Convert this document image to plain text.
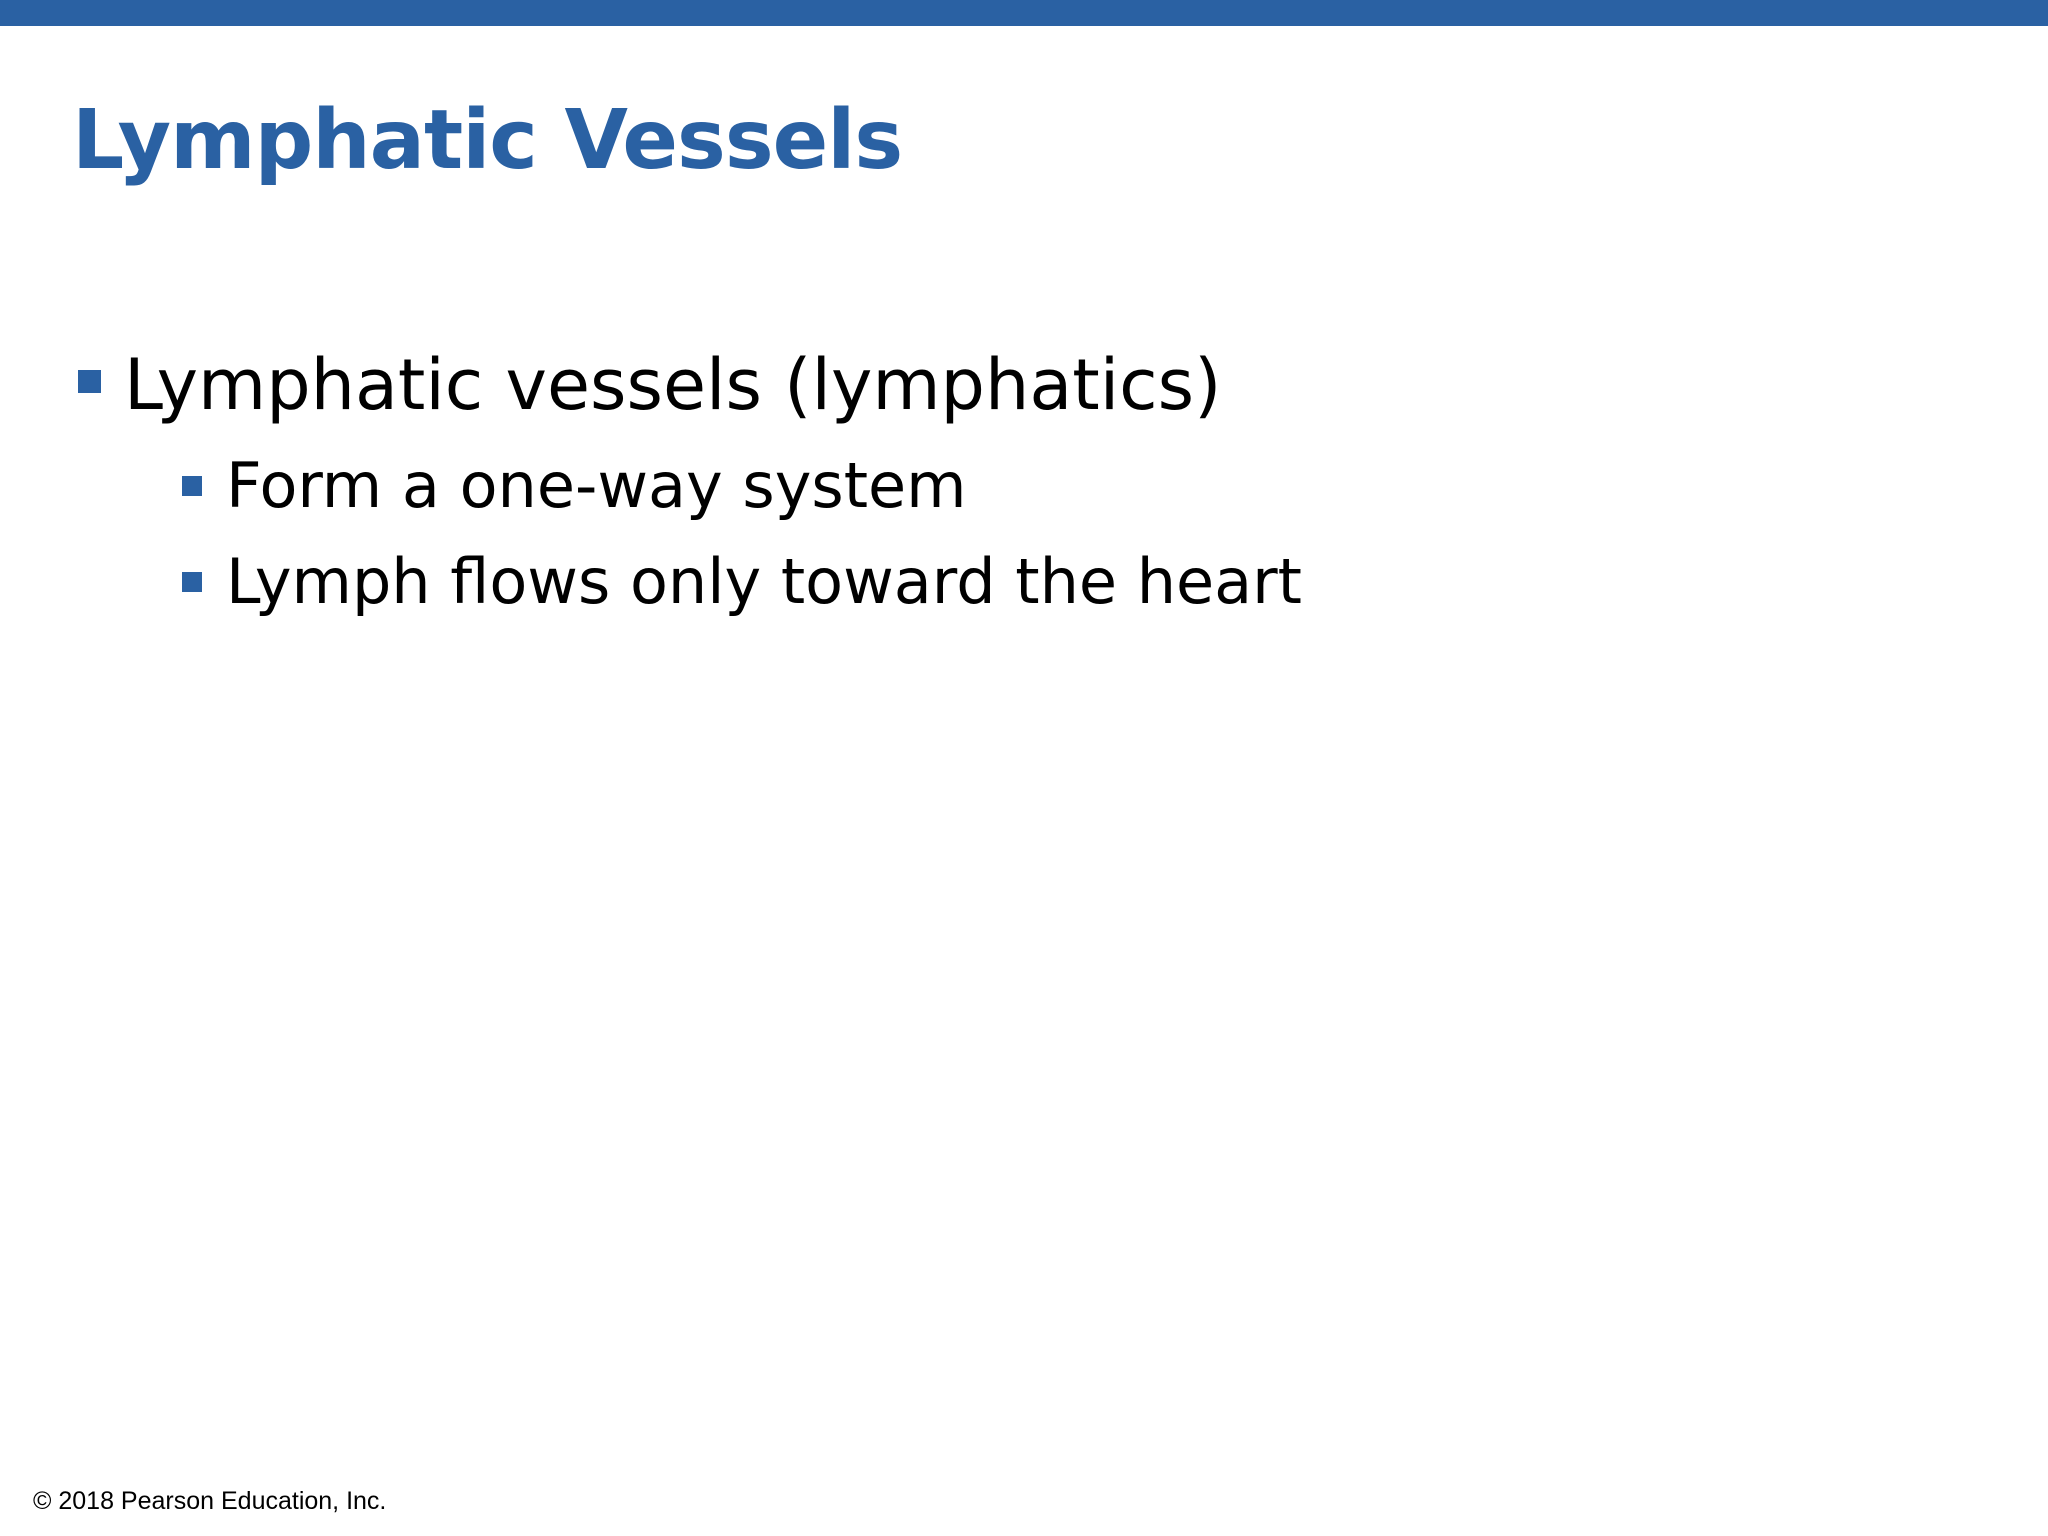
Lymphatic Vessels
Lymphatic vessels (lymphatics)
Form a one-way system
Lymph flows only toward the heart
© 2018 Pearson Education, Inc.
